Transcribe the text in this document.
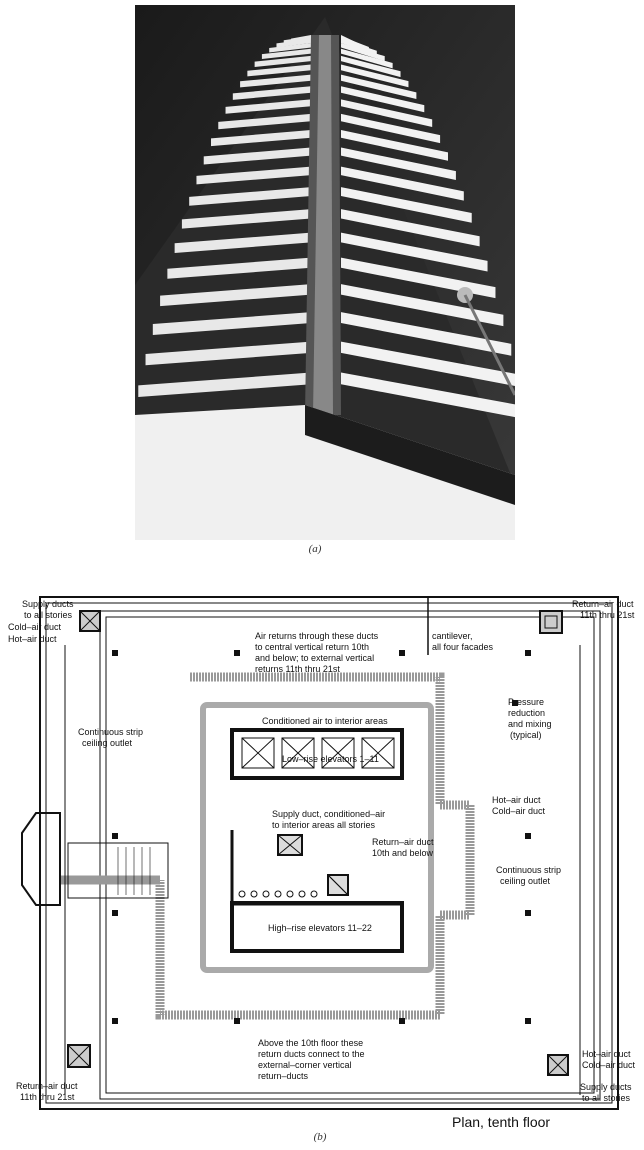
(a)
Supply ducts
to all stories
Cold–air duct
Hot–air duct	Air returns through these ducts
to central vertical return 10th
and below; to external vertical
returns 11th thru 21st
cantilever,
all four facades
Return–air duct
11th thru 21st
Continuous strip
ceiling outlet
Conditioned air to interior areas
Low–rise elevators 1–11
Pressure
reduction
and mixing
(typical)
Hot–air duct
Cold–air duct
Supply duct, conditioned–air
to interior areas all stories
Return–air duct
10th and below
Continuous strip
ceiling outlet
High–rise elevators 11–22
Above the 10th floor these
return ducts connect to the
external–corner vertical
return–ducts
Return–air duct
11th thru 21st
Hot–air duct
Cold–air duct
Supply ducts
to all stories
Plan, tenth floor
(b)
